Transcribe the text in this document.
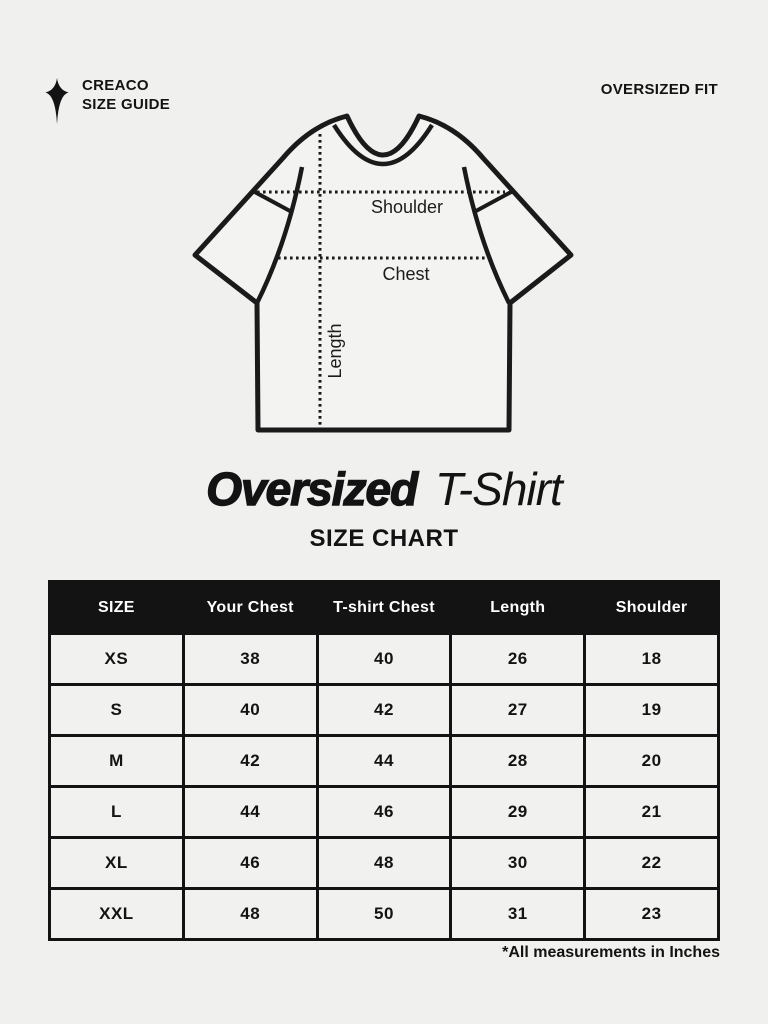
CREACO
SIZE GUIDE
OVERSIZED FIT
Shoulder
Chest
Length
Oversized T-Shirt
SIZE CHART
SIZE	Your Chest	T-shirt Chest	Length	Shoulder
XS	38	40	26	18
S	40	42	27	19
M	42	44	28	20
L	44	46	29	21
XL	46	48	30	22
XXL	48	50	31	23
*All measurements in Inches
